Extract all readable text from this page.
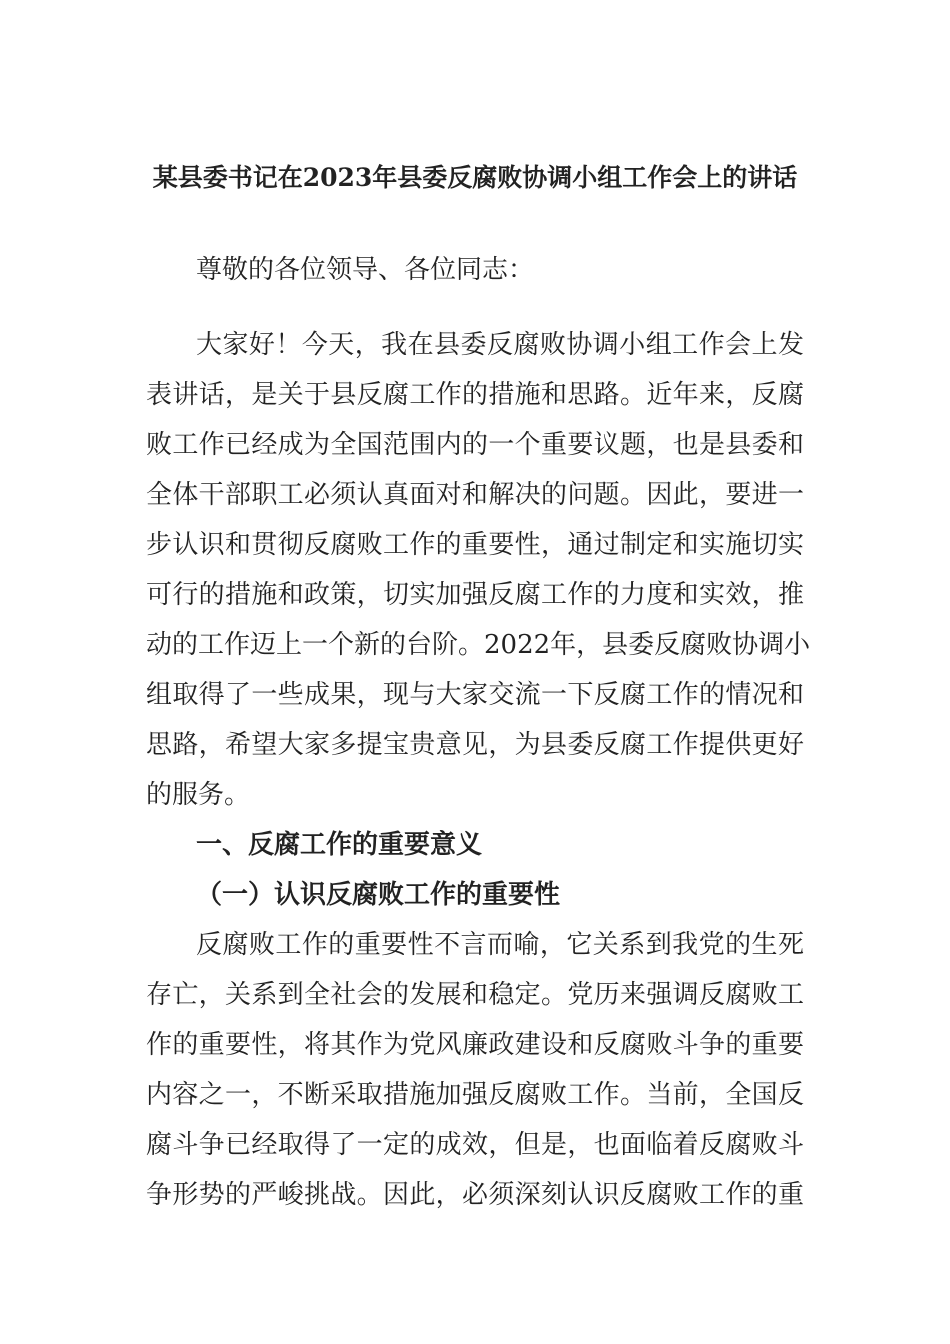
某县委书记在2023年县委反腐败协调小组工作会上的讲话
尊敬的各位领导、各位同志：
大家好！今天，我在县委反腐败协调小组工作会上发
表讲话，是关于县反腐工作的措施和思路。近年来，反腐
败工作已经成为全国范围内的一个重要议题，也是县委和
全体干部职工必须认真面对和解决的问题。因此，要进一
步认识和贯彻反腐败工作的重要性，通过制定和实施切实
可行的措施和政策，切实加强反腐工作的力度和实效，推
动的工作迈上一个新的台阶。2022年，县委反腐败协调小
组取得了一些成果，现与大家交流一下反腐工作的情况和
思路，希望大家多提宝贵意见，为县委反腐工作提供更好
的服务。
一、反腐工作的重要意义
（一）认识反腐败工作的重要性
反腐败工作的重要性不言而喻，它关系到我党的生死
存亡，关系到全社会的发展和稳定。党历来强调反腐败工
作的重要性，将其作为党风廉政建设和反腐败斗争的重要
内容之一，不断采取措施加强反腐败工作。当前，全国反
腐斗争已经取得了一定的成效，但是，也面临着反腐败斗
争形势的严峻挑战。因此，必须深刻认识反腐败工作的重
